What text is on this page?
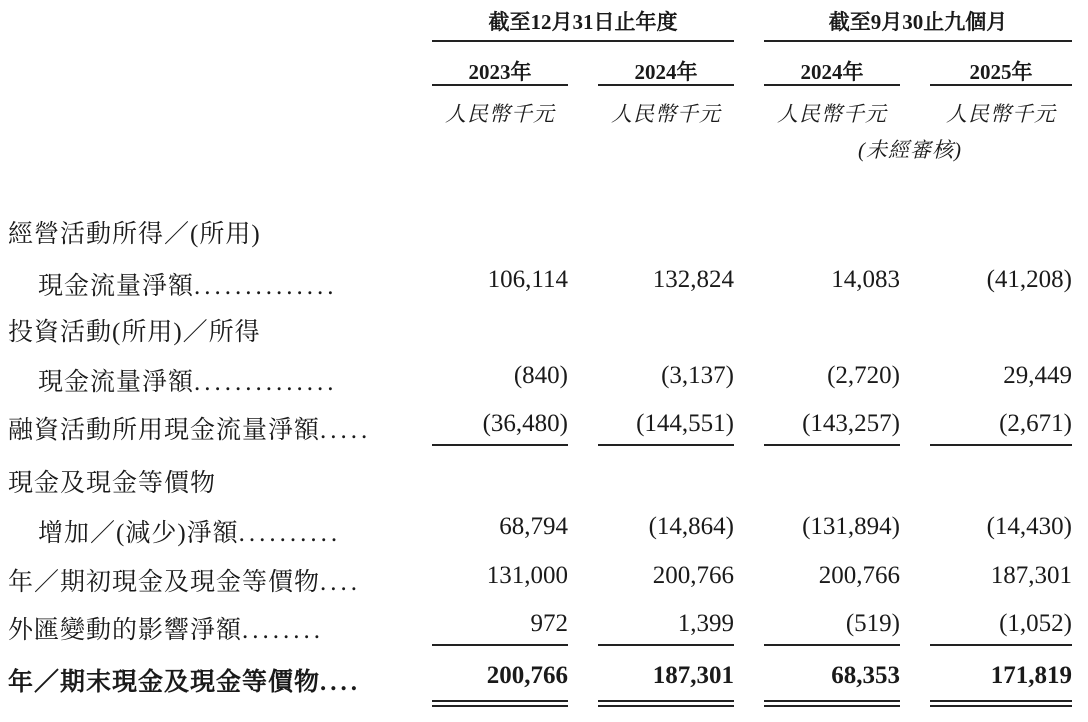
截至12月31日止年度	截至9月30止九個月
2023年	2024年	2024年	2025年
人民幣千元	人民幣千元	人民幣千元	人民幣千元
(未經審核)
經營活動所得／(所用)
現金流量淨額..............	106,114	132,824	14,083	(41,208)
投資活動(所用)／所得
現金流量淨額..............	(840)	(3,137)	(2,720)	29,449
融資活動所用現金流量淨額.....	(36,480)	(144,551)	(143,257)	(2,671)
現金及現金等價物
增加／(減少)淨額..........	68,794	(14,864)	(131,894)	(14,430)
年／期初現金及現金等價物....	131,000	200,766	200,766	187,301
外匯變動的影響淨額........	972	1,399	(519)	(1,052)
年／期末現金及現金等價物....	200,766	187,301	68,353	171,819
